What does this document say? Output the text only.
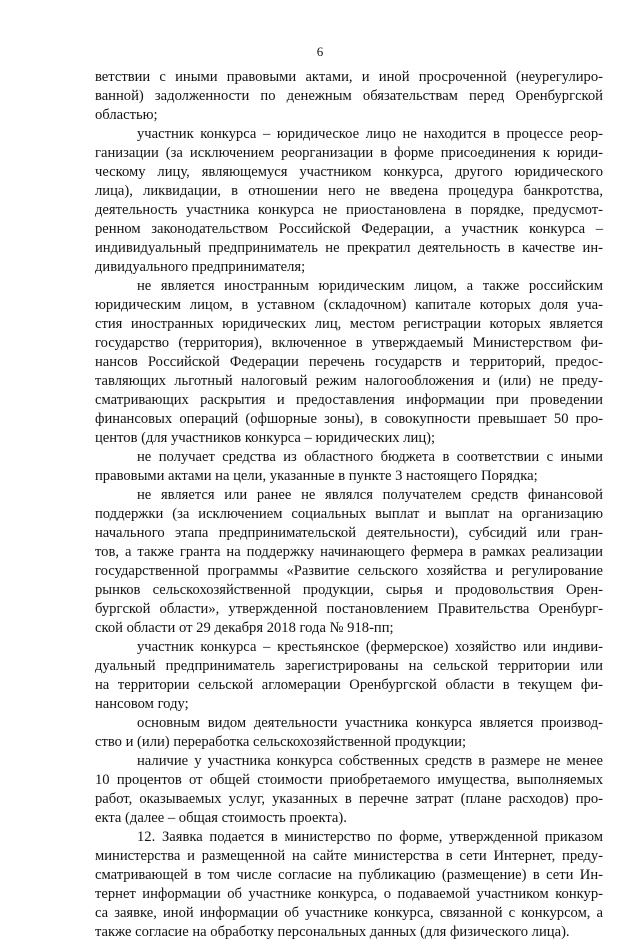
6
ветствии с иными правовыми актами, и иной просроченной (неурегулиро-
ванной) задолженности по денежным обязательствам перед Оренбургской
областью;
участник конкурса – юридическое лицо не находится в процессе реор-
ганизации (за исключением реорганизации в форме присоединения к юриди-
ческому лицу, являющемуся участником конкурса, другого юридического
лица), ликвидации, в отношении него не введена процедура банкротства,
деятельность участника конкурса не приостановлена в порядке, предусмот-
ренном законодательством Российской Федерации, а участник конкурса –
индивидуальный предприниматель не прекратил деятельность в качестве ин-
дивидуального предпринимателя;
не является иностранным юридическим лицом, а также российским
юридическим лицом, в уставном (складочном) капитале которых доля уча-
стия иностранных юридических лиц, местом регистрации которых является
государство (территория), включенное в утверждаемый Министерством фи-
нансов Российской Федерации перечень государств и территорий, предос-
тавляющих льготный налоговый режим налогообложения и (или) не преду-
сматривающих раскрытия и предоставления информации при проведении
финансовых операций (офшорные зоны), в совокупности превышает 50 про-
центов (для участников конкурса – юридических лиц);
не получает средства из областного бюджета в соответствии с иными
правовыми актами на цели, указанные в пункте 3 настоящего Порядка;
не является или ранее не являлся получателем средств финансовой
поддержки (за исключением социальных выплат и выплат на организацию
начального этапа предпринимательской деятельности), субсидий или гран-
тов, а также гранта на поддержку начинающего фермера в рамках реализации
государственной программы «Развитие сельского хозяйства и регулирование
рынков сельскохозяйственной продукции, сырья и продовольствия Орен-
бургской области», утвержденной постановлением Правительства Оренбург-
ской области от 29 декабря 2018 года № 918-пп;
участник конкурса – крестьянское (фермерское) хозяйство или индиви-
дуальный предприниматель зарегистрированы на сельской территории или
на территории сельской агломерации Оренбургской области в текущем фи-
нансовом году;
основным видом деятельности участника конкурса является производ-
ство и (или) переработка сельскохозяйственной продукции;
наличие у участника конкурса собственных средств в размере не менее
10 процентов от общей стоимости приобретаемого имущества, выполняемых
работ, оказываемых услуг, указанных в перечне затрат (плане расходов) про-
екта (далее – общая стоимость проекта).
12. Заявка подается в министерство по форме, утвержденной приказом
министерства и размещенной на сайте министерства в сети Интернет, преду-
сматривающей в том числе согласие на публикацию (размещение) в сети Ин-
тернет информации об участнике конкурса, о подаваемой участником конкур-
са заявке, иной информации об участнике конкурса, связанной с конкурсом, а
также согласие на обработку персональных данных (для физического лица).
